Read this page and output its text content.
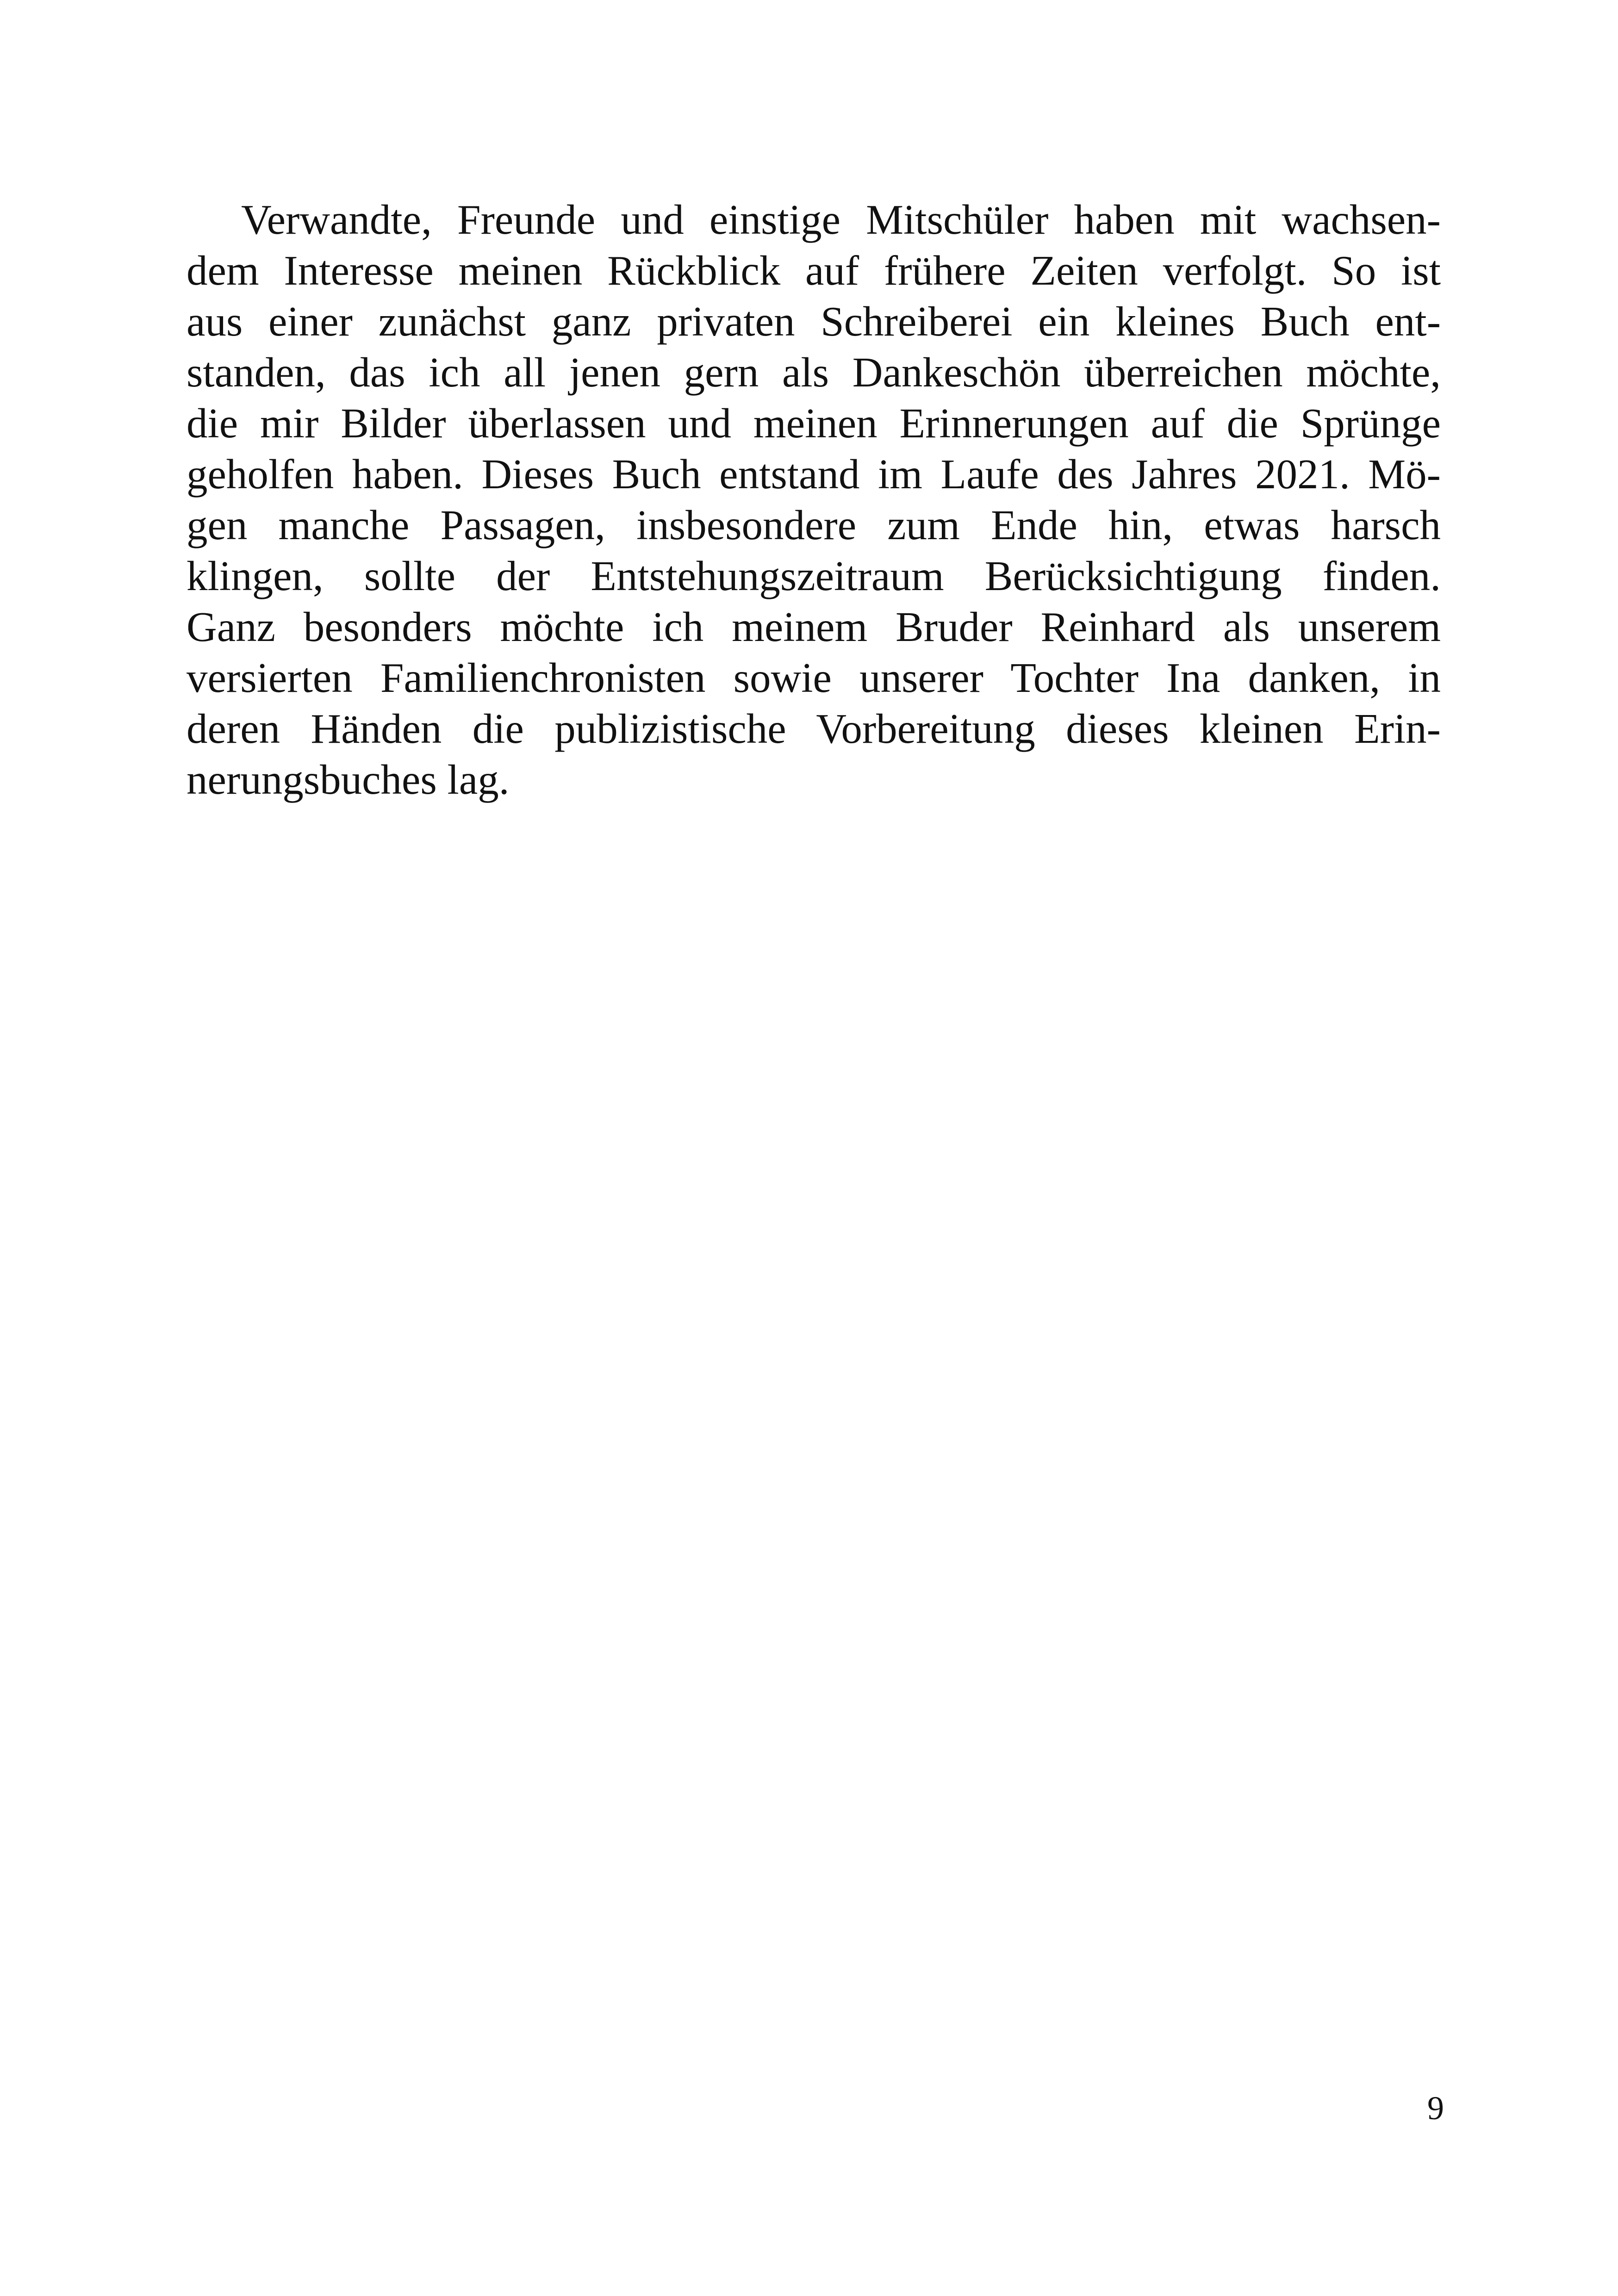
Verwandte, Freunde und einstige Mitschüler haben mit wachsen-
dem Interesse meinen Rückblick auf frühere Zeiten verfolgt. So ist
aus einer zunächst ganz privaten Schreiberei ein kleines Buch ent-
standen, das ich all jenen gern als Dankeschön überreichen möchte,
die mir Bilder überlassen und meinen Erinnerungen auf die Sprünge
geholfen haben. Dieses Buch entstand im Laufe des Jahres 2021. Mö-
gen manche Passagen, insbesondere zum Ende hin, etwas harsch
klingen, sollte der Entstehungszeitraum Berücksichtigung finden.
Ganz besonders möchte ich meinem Bruder Reinhard als unserem
versierten Familienchronisten sowie unserer Tochter Ina danken, in
deren Händen die publizistische Vorbereitung dieses kleinen Erin-
nerungsbuches lag.
9
